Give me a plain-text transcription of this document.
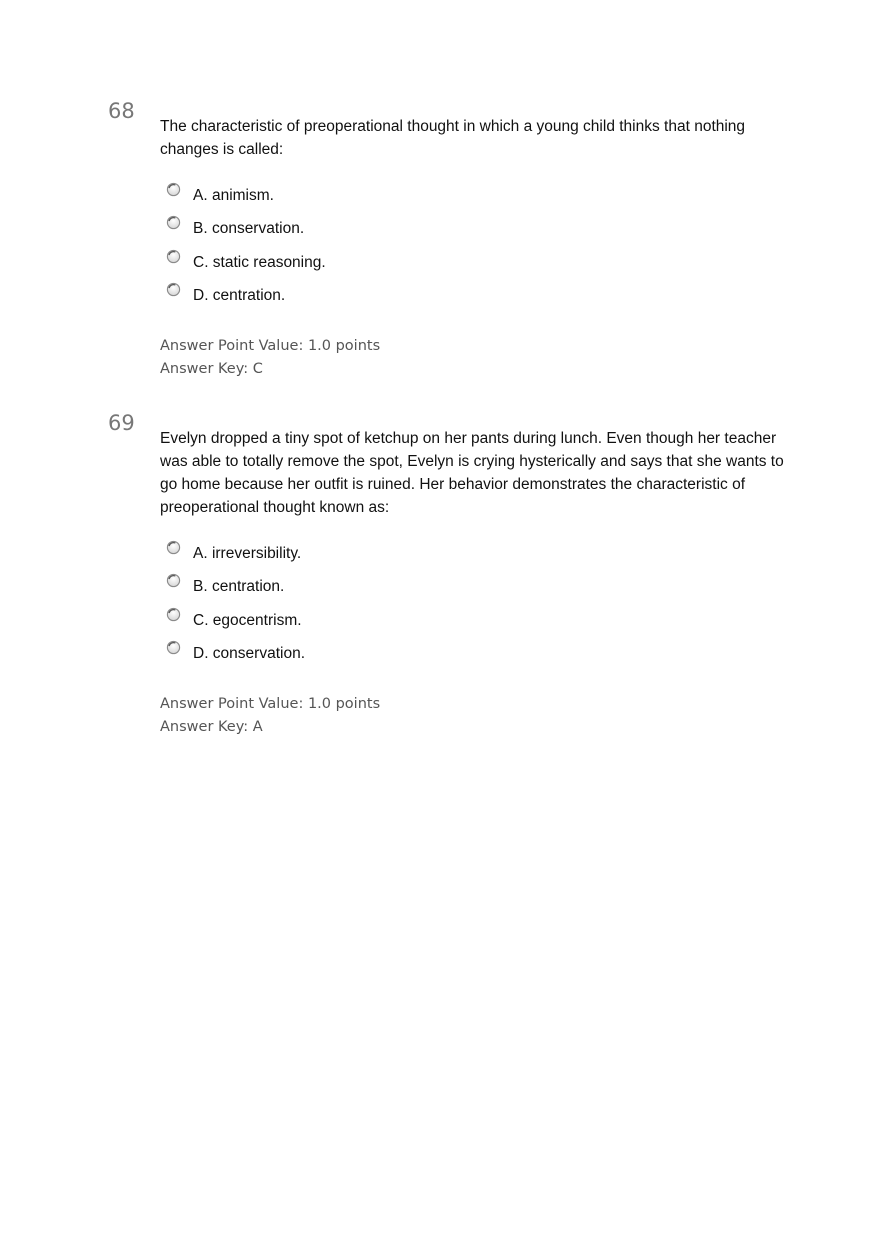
68

The characteristic of preoperational thought in which a young child thinks that nothing changes is called:

A. animism.
B. conservation.
C. static reasoning.
D. centration.
Answer Point Value: 1.0 points
Answer Key: C
69

Evelyn dropped a tiny spot of ketchup on her pants during lunch. Even though her teacher was able to totally remove the spot, Evelyn is crying hysterically and says that she wants to go home because her outfit is ruined. Her behavior demonstrates the characteristic of preoperational thought known as:

A. irreversibility.
B. centration.
C. egocentrism.
D. conservation.
Answer Point Value: 1.0 points
Answer Key: A
